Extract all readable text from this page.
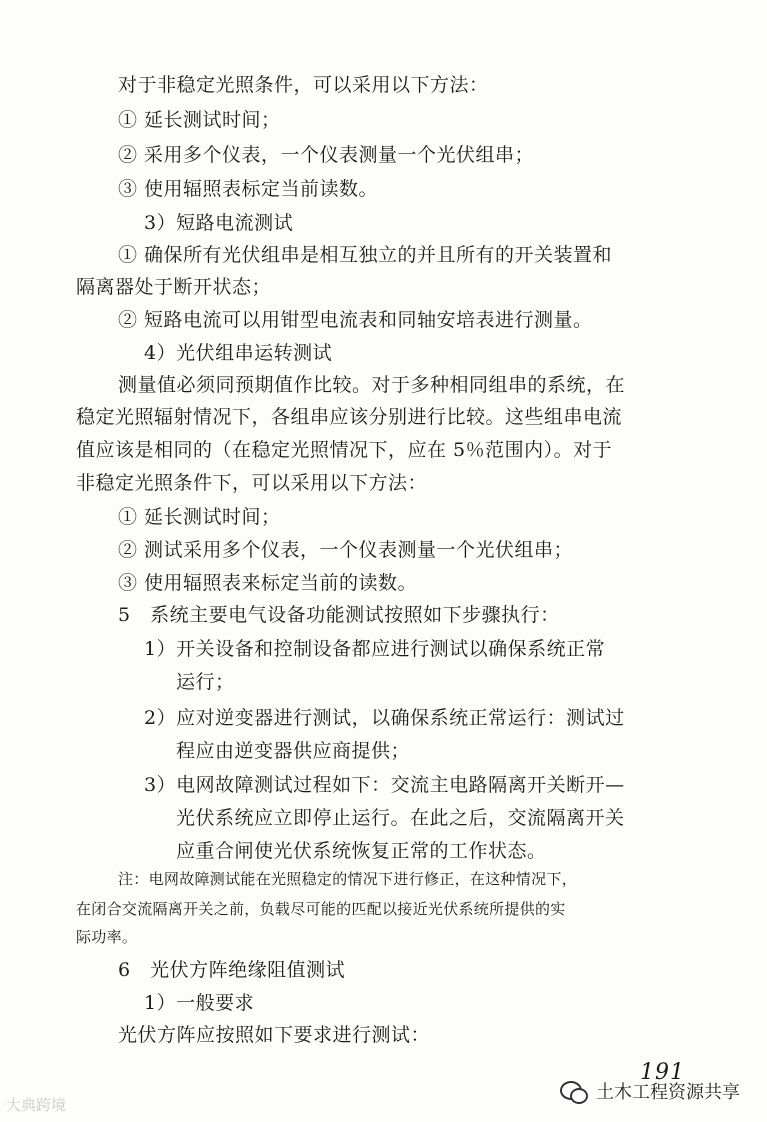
对于非稳定光照条件，可以采用以下方法：
① 延长测试时间；
② 采用多个仪表，一个仪表测量一个光伏组串；
③ 使用辐照表标定当前读数。
3）短路电流测试
① 确保所有光伏组串是相互独立的并且所有的开关装置和
隔离器处于断开状态；
② 短路电流可以用钳型电流表和同轴安培表进行测量。
4）光伏组串运转测试
测量值必须同预期值作比较。对于多种相同组串的系统，在
稳定光照辐射情况下，各组串应该分别进行比较。这些组串电流
值应该是相同的（在稳定光照情况下，应在 5％范围内）。对于
非稳定光照条件下，可以采用以下方法：
① 延长测试时间；
② 测试采用多个仪表，一个仪表测量一个光伏组串；
③ 使用辐照表来标定当前的读数。
5　系统主要电气设备功能测试按照如下步骤执行：
1）开关设备和控制设备都应进行测试以确保系统正常
运行；
2）应对逆变器进行测试，以确保系统正常运行：测试过
程应由逆变器供应商提供；
3）电网故障测试过程如下：交流主电路隔离开关断开—
光伏系统应立即停止运行。在此之后，交流隔离开关
应重合闸使光伏系统恢复正常的工作状态。
注：电网故障测试能在光照稳定的情况下进行修正，在这种情况下，
在闭合交流隔离开关之前，负载尽可能的匹配以接近光伏系统所提供的实
际功率。
6　光伏方阵绝缘阻值测试
1）一般要求
光伏方阵应按照如下要求进行测试：
191
大典跨境
土木工程资源共享
